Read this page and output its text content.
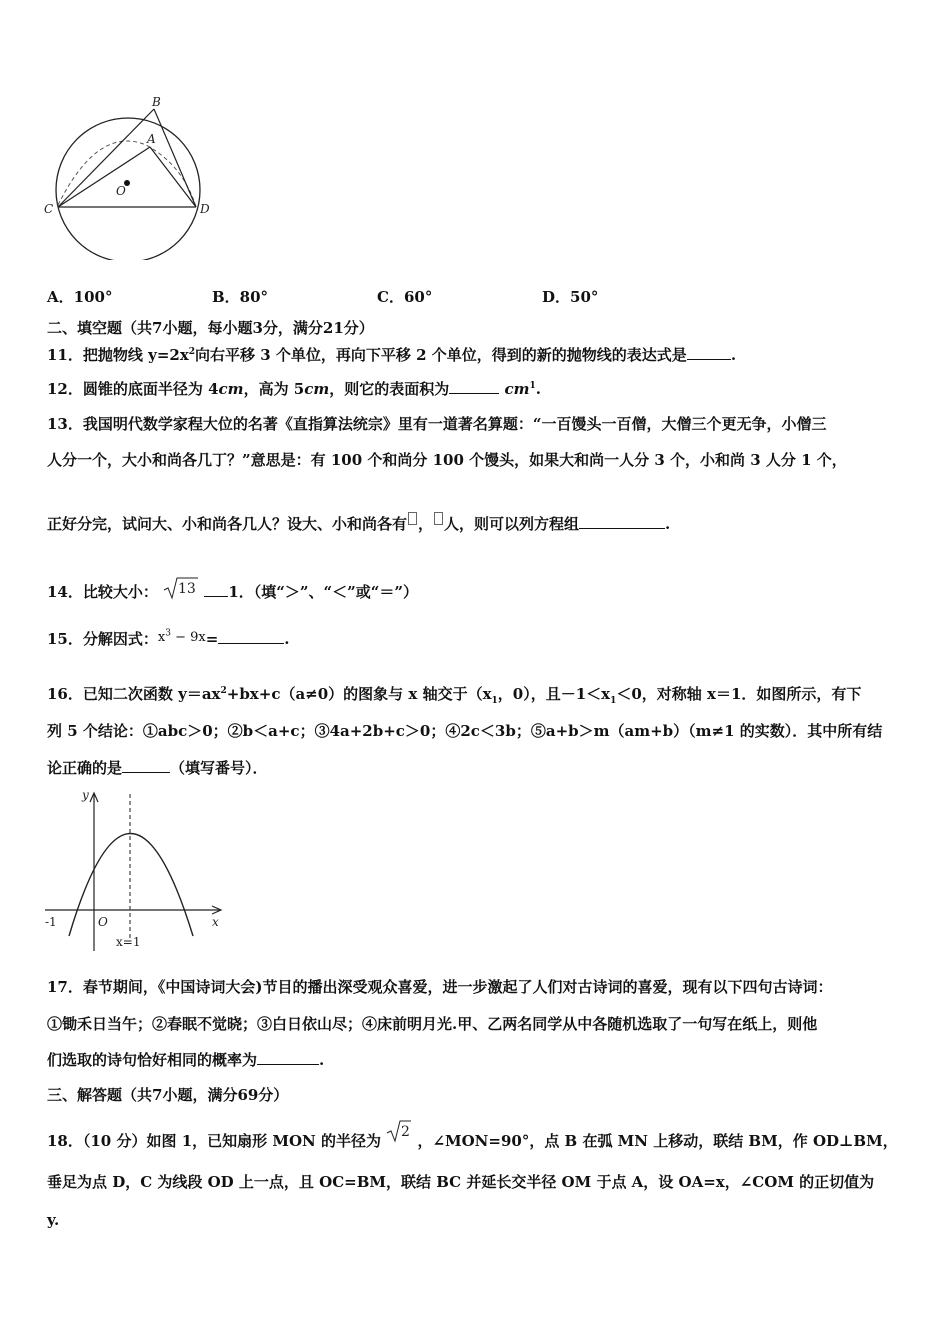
B
A
O
C	D
A．100°	B．80°	C．60°	D．50°
二、填空题（共7小题，每小题3分，满分21分）
11．把抛物线 $y=2x^2$向右平移 3 个单位，再向下平移 2 个单位，得到的新的抛物线的表达式是	.
12．圆锥的底面半径为 4cm，高为 5cm，则它的表面积为	$cm^1$.
13．我国明代数学家程大位的名著《直指算法统宗》里有一道著名算题：“一百馒头一百僧，大僧三个更无争，小僧三
人分一个，大小和尚各几丁？”意思是：有 100 个和尚分 100 个馒头，如果大和尚一人分 3 个，小和尚 3 人分 1 个，
正好分完，试问大、小和尚各几人？设大、小和尚各有 ， 人，则可以列方程组	.
14．比较大小： 13 1．（填“＞”、“＜”或“＝”）
15．分解因式：$x^3 - 9x=$	.
16．已知二次函数 $y=ax^2+bx+c(a\ne 0)$的图象与 x 轴交于（$x_1$，0），且$-1<x_1<0$，对称轴 x＝1．如图所示，有下
列 5 个结论：①abc＞0；②b＜a+c；③4a+2b+c＞0；④2c＜3b；⑤a+b＞m（am+b）（m≠1 的实数）．其中所有结
论正确的是	（填写番号）．
y
x
-1	O
x=1
17．春节期间，《中国诗词大会)节目的播出深受观众喜爱，进一步激起了人们对古诗词的喜爱，现有以下四句古诗词：
①锄禾日当午；②春眠不觉晓；③白日依山尽；④床前明月光.甲、乙两名同学从中各随机选取了一句写在纸上，则他
们选取的诗句恰好相同的概率为	.
三、解答题（共7小题，满分69分）
18．（10 分）如图 1，已知扇形 MON 的半径为 2 ，∠MON=90°，点 B 在弧 MN 上移动，联结 BM，作 OD⊥BM，
垂足为点 D，C 为线段 OD 上一点，且 OC=BM，联结 BC 并延长交半径 OM 于点 A，设 OA=x，∠COM 的正切值为
y.
